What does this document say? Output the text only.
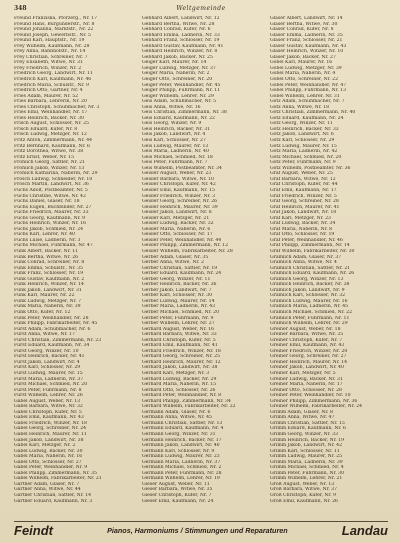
348	Weltgemeinde
Freund Franziska, Pforzerg., Nr. 17
Freund Hans, Burgunderstr., Nr. 8
Freund Johanna, Marktstr., Nr. 22
Freund Joseph, Gewerbstr., Nr. 5
Freund Karl, Hauptstr., Nr. 19
Frey Wilhelm, Kaufmann, Nr. 28
Frey Anna, Bahnhofstr., Nr. 14
Frey Christian, Schreiner, Nr. 7
Frey Elisabeth, Witwe, Nr. 31
Frey Friedrich, Winzer, Nr. 2
Friedrich Georg, Landwirt, Nr. 11
Friedrich Karl, Kaufmann, Nr. 46
Friedrich Maria, Schulstr., Nr. 9
Friedrich Otto, Gärtner, Nr. 4
Fries Adam, Maurer, Nr. 52
Fries Barbara, Lehrerin, Nr. 20
Fries Christoph, Schuhmacher, Nr. 3
Fries Emil, Weinhändler, Nr. 17
Fries Heinrich, Bäcker, Nr. 30
Frisch August, Schlosser, Nr. 25
Frisch Eduard, Küfer, Nr. 8
Frisch Ludwig, Metzger, Nr. 12
Fritz Anton, Zimmermann, Nr. 44
Fritz Bernhard, Kaufmann, Nr. 6
Fritz Dorothea, Witwe, Nr. 38
Fritz Ernst, Weber, Nr. 15
Fröhlich Georg, Sattler, Nr. 21
Fröhlich Jakob, Winzer, Nr. 13
Fröhlich Katharina, Näherin, Nr. 29
Frosch Ludwig, Schneider, Nr. 10
Frosch Martin, Landwirt, Nr. 36
Fuchs Adolf, Postbeamter, Nr. 5
Fuchs Christine, Witwe, Nr. 42
Fuchs Daniel, Glaser, Nr. 18
Fuchs Eugen, Buchbinder, Nr. 27
Fuchs Friedrich, Maurer, Nr. 33
Fuchs Georg, Kaufmann, Nr. 9
Fuchs Heinrich, Winzer, Nr. 16
Fuchs Jakob, Schmied, Nr. 24
Fuchs Karl, Lehrer, Nr. 40
Fuchs Luise, Ladnerin, Nr. 3
Fuchs Michael, Fuhrmann, Nr. 47
Funk Albert, Bäcker, Nr. 11
Funk Bertha, Witwe, Nr. 26
Funk Conrad, Schreiner, Nr. 8
Funk Emma, Schulstr., Nr. 35
Funk Franz, Schlosser, Nr. 19
Funk Gustav, Kaufmann, Nr. 2
Funk Heinrich, Winzer, Nr. 14
Funk Jakob, Landwirt, Nr. 31
Funk Karl, Maurer, Nr. 22
Funk Ludwig, Metzger, Nr. 7
Funk Maria, Näherin, Nr. 39
Funk Otto, Küfer, Nr. 12
Funk Peter, Weinhändler, Nr. 28
Funk Philipp, Fabrikarbeiter, Nr. 45
Fürst Adam, Schuhmacher, Nr. 6
Fürst Anna, Witwe, Nr. 17
Fürst Christian, Zimmermann, Nr. 23
Fürst Eduard, Kaufmann, Nr. 34
Fürst Georg, Winzer, Nr. 10
Fürst Heinrich, Bäcker, Nr. 41
Fürst Jakob, Landwirt, Nr. 4
Fürst Karl, Schlosser, Nr. 29
Fürst Ludwig, Maurer, Nr. 15
Fürst Maria, Ladnerin, Nr. 37
Fürst Michael, Schmied, Nr. 20
Fürst Peter, Fuhrmann, Nr. 8
Fürst Wilhelm, Lehrer, Nr. 26
Gabel August, Weber, Nr. 13
Gabel Barbara, Witwe, Nr. 32
Gabel Christoph, Küfer, Nr. 5
Gabel Emil, Kaufmann, Nr. 43
Gabel Friedrich, Winzer, Nr. 18
Gabel Georg, Schreiner, Nr. 24
Gabel Heinrich, Maurer, Nr. 11
Gabel Jakob, Landwirt, Nr. 38
Gabel Karl, Metzger, Nr. 2
Gabel Ludwig, Bäcker, Nr. 30
Gabel Maria, Näherin, Nr. 16
Gabel Otto, Schlosser, Nr. 27
Gabel Peter, Weinhändler, Nr. 9
Gabel Philipp, Zimmermann, Nr. 35
Gabel Wilhelm, Fabrikarbeiter, Nr. 21
Gärtner Adam, Glaser, Nr. 7
Gärtner Anna, Witwe, Nr. 44
Gärtner Christian, Sattler, Nr. 14
Gärtner Eduard, Kaufmann, Nr. 3
Gebhard Albert, Landwirt, Nr. 12
Gebhard Bertha, Witwe, Nr. 28
Gebhard Conrad, Küfer, Nr. 6
Gebhard Emma, Ladnerin, Nr. 33
Gebhard Franz, Schlosser, Nr. 19
Gebhard Gustav, Kaufmann, Nr. 41
Gebhard Heinrich, Winzer, Nr. 8
Gebhard Jakob, Bäcker, Nr. 25
Geiger Karl, Maurer, Nr. 14
Geiger Ludwig, Metzger, Nr. 37
Geiger Maria, Näherin, Nr. 2
Geiger Otto, Schreiner, Nr. 20
Geiger Peter, Weinhändler, Nr. 45
Geiger Philipp, Fuhrmann, Nr. 11
Geiger Wilhelm, Lehrer, Nr. 29
Geis Adam, Schuhmacher, Nr. 5
Geis Anna, Witwe, Nr. 16
Geis Christian, Zimmermann, Nr. 38
Geis Eduard, Kaufmann, Nr. 22
Geis Georg, Winzer, Nr. 9
Geis Heinrich, Bäcker, Nr. 31
Geis Jakob, Landwirt, Nr. 4
Geis Karl, Schlosser, Nr. 27
Geis Ludwig, Maurer, Nr. 13
Geis Maria, Ladnerin, Nr. 40
Geis Michael, Schmied, Nr. 18
Geis Peter, Fuhrmann, Nr. 7
Geis Wilhelm, Postbeamter, Nr. 34
Geisler August, Weber, Nr. 23
Geisler Barbara, Witwe, Nr. 10
Geisler Christoph, Küfer, Nr. 42
Geisler Emil, Kaufmann, Nr. 15
Geisler Friedrich, Winzer, Nr. 3
Geisler Georg, Schreiner, Nr. 26
Geisler Heinrich, Maurer, Nr. 39
Geisler Jakob, Landwirt, Nr. 8
Geisler Karl, Metzger, Nr. 21
Geisler Ludwig, Bäcker, Nr. 32
Geisler Maria, Näherin, Nr. 6
Geisler Otto, Schlosser, Nr. 17
Geisler Peter, Weinhändler, Nr. 44
Geisler Philipp, Zimmermann, Nr. 12
Geisler Wilhelm, Fabrikarbeiter, Nr. 28
Gerber Adam, Glaser, Nr. 35
Gerber Anna, Witwe, Nr. 2
Gerber Christian, Sattler, Nr. 19
Gerber Eduard, Kaufmann, Nr. 24
Gerber Georg, Winzer, Nr. 11
Gerber Heinrich, Bäcker, Nr. 36
Gerber Jakob, Landwirt, Nr. 7
Gerber Karl, Schlosser, Nr. 30
Gerber Ludwig, Maurer, Nr. 14
Gerber Maria, Ladnerin, Nr. 43
Gerber Michael, Schmied, Nr. 20
Gerber Peter, Fuhrmann, Nr. 9
Gerber Wilhelm, Lehrer, Nr. 27
Gerhard August, Weber, Nr. 16
Gerhard Barbara, Witwe, Nr. 33
Gerhard Christoph, Küfer, Nr. 5
Gerhard Emil, Kaufmann, Nr. 41
Gerhard Friedrich, Winzer, Nr. 18
Gerhard Georg, Schreiner, Nr. 25
Gerhard Heinrich, Maurer, Nr. 12
Gerhard Jakob, Landwirt, Nr. 38
Gerhard Karl, Metzger, Nr. 3
Gerhard Ludwig, Bäcker, Nr. 29
Gerhard Maria, Näherin, Nr. 15
Gerhard Otto, Schlosser, Nr. 26
Gerhard Peter, Weinhändler, Nr. 8
Gerhard Philipp, Zimmermann, Nr. 34
Gerhard Wilhelm, Fabrikarbeiter, Nr. 22
Germann Adam, Glaser, Nr. 6
Germann Anna, Witwe, Nr. 45
Germann Christian, Sattler, Nr. 13
Germann Eduard, Kaufmann, Nr. 4
Germann Georg, Winzer, Nr. 31
Germann Heinrich, Bäcker, Nr. 17
Germann Jakob, Landwirt, Nr. 40
Germann Karl, Schlosser, Nr. 9
Germann Ludwig, Maurer, Nr. 23
Germann Maria, Ladnerin, Nr. 37
Germann Michael, Schmied, Nr. 2
Germann Peter, Fuhrmann, Nr. 28
Germann Wilhelm, Lehrer, Nr. 19
Gieser August, Weber, Nr. 11
Gieser Barbara, Witwe, Nr. 35
Gieser Christoph, Küfer, Nr. 7
Gieser Emil, Kaufmann, Nr. 24
Glaser Albert, Landwirt, Nr. 14
Glaser Bertha, Witwe, Nr. 30
Glaser Conrad, Küfer, Nr. 8
Glaser Emma, Ladnerin, Nr. 35
Glaser Franz, Schlosser, Nr. 21
Glaser Gustav, Kaufmann, Nr. 43
Glaser Heinrich, Winzer, Nr. 10
Glaser Jakob, Bäcker, Nr. 27
Göbel Karl, Maurer, Nr. 16
Göbel Ludwig, Metzger, Nr. 39
Göbel Maria, Näherin, Nr. 4
Göbel Otto, Schreiner, Nr. 22
Göbel Peter, Weinhändler, Nr. 47
Göbel Philipp, Fuhrmann, Nr. 13
Göbel Wilhelm, Lehrer, Nr. 31
Götz Adam, Schuhmacher, Nr. 7
Götz Anna, Witwe, Nr. 18
Götz Christian, Zimmermann, Nr. 40
Götz Eduard, Kaufmann, Nr. 24
Götz Georg, Winzer, Nr. 11
Götz Heinrich, Bäcker, Nr. 33
Götz Jakob, Landwirt, Nr. 6
Götz Karl, Schlosser, Nr. 29
Götz Ludwig, Maurer, Nr. 15
Götz Maria, Ladnerin, Nr. 42
Götz Michael, Schmied, Nr. 20
Götz Peter, Fuhrmann, Nr. 9
Götz Wilhelm, Postbeamter, Nr. 36
Graf August, Weber, Nr. 25
Graf Barbara, Witwe, Nr. 12
Graf Christoph, Küfer, Nr. 44
Graf Emil, Kaufmann, Nr. 17
Graf Friedrich, Winzer, Nr. 5
Graf Georg, Schreiner, Nr. 28
Graf Heinrich, Maurer, Nr. 41
Graf Jakob, Landwirt, Nr. 10
Graf Karl, Metzger, Nr. 23
Graf Ludwig, Bäcker, Nr. 34
Graf Maria, Näherin, Nr. 8
Graf Otto, Schlosser, Nr. 19
Graf Peter, Weinhändler, Nr. 46
Graf Philipp, Zimmermann, Nr. 14
Graf Wilhelm, Fabrikarbeiter, Nr. 30
Gramlich Adam, Glaser, Nr. 37
Gramlich Anna, Witwe, Nr. 4
Gramlich Christian, Sattler, Nr. 21
Gramlich Eduard, Kaufmann, Nr. 26
Gramlich Georg, Winzer, Nr. 13
Gramlich Heinrich, Bäcker, Nr. 38
Gramlich Jakob, Landwirt, Nr. 9
Gramlich Karl, Schlosser, Nr. 32
Gramlich Ludwig, Maurer, Nr. 16
Gramlich Maria, Ladnerin, Nr. 45
Gramlich Michael, Schmied, Nr. 22
Gramlich Peter, Fuhrmann, Nr. 11
Gramlich Wilhelm, Lehrer, Nr. 29
Greiner August, Weber, Nr. 18
Greiner Barbara, Witwe, Nr. 35
Greiner Christoph, Küfer, Nr. 7
Greiner Emil, Kaufmann, Nr. 43
Greiner Friedrich, Winzer, Nr. 20
Greiner Georg, Schreiner, Nr. 27
Greiner Heinrich, Maurer, Nr. 14
Greiner Jakob, Landwirt, Nr. 40
Greiner Karl, Metzger, Nr. 5
Greiner Ludwig, Bäcker, Nr. 31
Greiner Maria, Näherin, Nr. 17
Greiner Otto, Schlosser, Nr. 28
Greiner Peter, Weinhändler, Nr. 10
Greiner Philipp, Zimmermann, Nr. 36
Greiner Wilhelm, Fabrikarbeiter, Nr. 24
Grimm Adam, Glaser, Nr. 8
Grimm Anna, Witwe, Nr. 47
Grimm Christian, Sattler, Nr. 15
Grimm Eduard, Kaufmann, Nr. 6
Grimm Georg, Winzer, Nr. 33
Grimm Heinrich, Bäcker, Nr. 19
Grimm Jakob, Landwirt, Nr. 42
Grimm Karl, Schlosser, Nr. 11
Grimm Ludwig, Maurer, Nr. 25
Grimm Maria, Ladnerin, Nr. 39
Grimm Michael, Schmied, Nr. 4
Grimm Peter, Fuhrmann, Nr. 30
Grimm Wilhelm, Lehrer, Nr. 21
Groß August, Weber, Nr. 13
Groß Barbara, Witwe, Nr. 37
Groß Christoph, Küfer, Nr. 9
Groß Emil, Kaufmann, Nr. 26
Feindt	Pianos, Harmoniums / Stimmungen und Reparaturen	Landau
